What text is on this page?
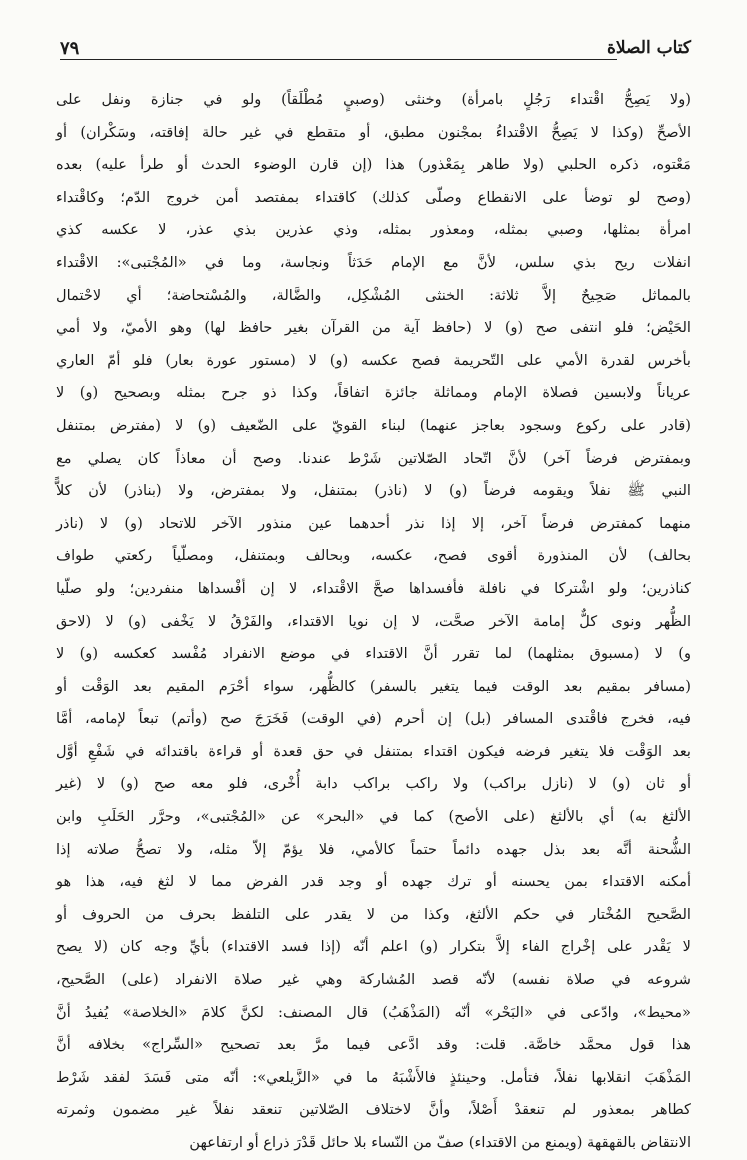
كتاب الصلاة
٧٩
(ولا يَصِحُّ اقْتداء رَجُلٍ بامرأة) وخنثى (وصبيٍ مُطْلَقاً) ولو في جنازة ونفل على
الأصحِّ (وكذا لا يَصِحُّ الاقْتداءُ بمجْنون مطبق، أو متقطع في غير حالة إفاقته، وسَكْران) أو
مَعْتوه، ذكره الحلبي (ولا طاهر بِمَعْذور) هذا (إن قارن الوضوء الحدث أو طرأ عليه) بعده
(وصح لو توضأ على الانقطاع وصلّى كذلك) كاقتداء بمفتصد أمن خروج الدّم؛ وكاقْتداء
امرأة بمثلها، وصبي بمثله، ومعذور بمثله، وذي عذرين بذي عذر، لا عكسه كذي
انفلات ريح بذي سلس، لأنَّ مع الإمام حَدَثاً ونجاسة، وما في «المُجْتبى»: الاقْتداء
بالمماثل صَحِيحٌ إلاَّ ثلاثة: الخنثى المُشْكِل، والضَّالة، والمُسْتحاضة؛ أي لاحْتمال
الحَيْض؛ فلو انتفى صح (و) لا (حافظ آية من القرآن بغير حافظ لها) وهو الأميّ، ولا أمي
بأخرس لقدرة الأمي على التّحريمة فصح عكسه (و) لا (مستور عورة بعار) فلو أمّ العاري
عرياناً ولابسين فصلاة الإمام ومماثلة جائزة اتفاقاً، وكذا ذو جرح بمثله وبصحيح (و) لا
(قادر على ركوع وسجود بعاجز عنهما) لبناء القويّ على الضّعيف (و) لا (مفترض بمتنفل
وبمفترض فرضاً آخر) لأنَّ اتّحاد الصّلاتين شَرْط عندنا. وصح أن معاذاً كان يصلي مع
النبي ﷺ نفلاً ويقومه فرضاً (و) لا (ناذر) بمتنفل، ولا بمفترض، ولا (بناذر) لأن كلاًّ
منهما كمفترض فرضاً آخر، إلا إذا نذر أحدهما عين منذور الآخر للاتحاد (و) لا (ناذر
بحالف) لأن المنذورة أقوى فصح، عكسه، وبحالف وبمتنفل، ومصلّياً ركعتي طواف
كناذرين؛ ولو اشْتركا في نافلة فأفسداها صحَّ الاقْتداء، لا إن أفْسداها منفردين؛ ولو صلّيا
الظُّهر ونوى كلٌّ إمامة الآخر صحَّت، لا إن نويا الاقتداء، والفَرْقُ لا يَخْفى (و) لا (لاحق
و) لا (مسبوق بمثلهما) لما تقرر أنَّ الاقتداء في موضع الانفراد مُفْسد كعكسه (و) لا
(مسافر بمقيم بعد الوقت فيما يتغير بالسفر) كالظُّهر، سواء أحْرَم المقيم بعد الوَقْت أو
فيه، فخرج فاقْتدى المسافر (بل) إن أحرم (في الوقت) فَخَرَجَ صح (وأتم) تبعاً لإمامه، أمَّا
بعد الوَقْت فلا يتغير فرضه فيكون اقتداء بمتنفل في حق قعدة أو قراءة باقتدائه في شَفْعِ أوَّل
أو ثان (و) لا (نازل براكب) ولا راكب براكب دابة أُخْرى، فلو معه صح (و) لا (غير
الألثغ به) أي بالألثغ (على الأصح) كما في «البحر» عن «المُجْتبى»، وحرَّر الحَلَبِ وابن
الشُّحنة أنَّه بعد بذل جهده دائماً حتماً كالأمي، فلا يؤمّ إلاّ مثله، ولا تصحُّ صلاته إذا
أمكنه الاقتداء بمن يحسنه أو ترك جهده أو وجد قدر الفرض مما لا لثغ فيه، هذا هو
الصَّحيح المُخْتار في حكم الألثغ، وكذا من لا يقدر على التلفظ بحرف من الحروف أو
لا يَقْدر على إخْراج الفاء إلاَّ بتكرار (و) اعلم أنّه (إذا فسد الاقتداء) بأيِّ وجه كان (لا يصح
شروعه في صلاة نفسه) لأنّه قصد المُشاركة وهي غير صلاة الانفراد (على) الصَّحيح،
«محيط»، وادّعى في «البَحْر» أنّه (المَذْهَبُ) قال المصنف: لكنَّ كلامَ «الخلاصة» يُفيدُ أنَّ
هذا قول محمَّد خاصَّة. قلت: وقد ادَّعى فيما مرَّ بعد تصحيح «السِّراج» بخلافه أنَّ
المَذْهَبَ انقلابها نفلاً، فتأمل. وحينئذٍ فالأَشْبَهُ ما في «الزَّيلعي»: أنّه متى فَسَدَ لفقد شَرْط
كطاهر بمعذور لم تنعقدْ أَصْلاً، وأنَّ لاختلاف الصّلاتين تنعقد نفلاً غير مضمون وثمرته
الانتقاض بالقهقهة (ويمنع من الاقتداء) صفّ من النّساء بلا حائل قَدْرَ ذراع أو ارتفاعهن
